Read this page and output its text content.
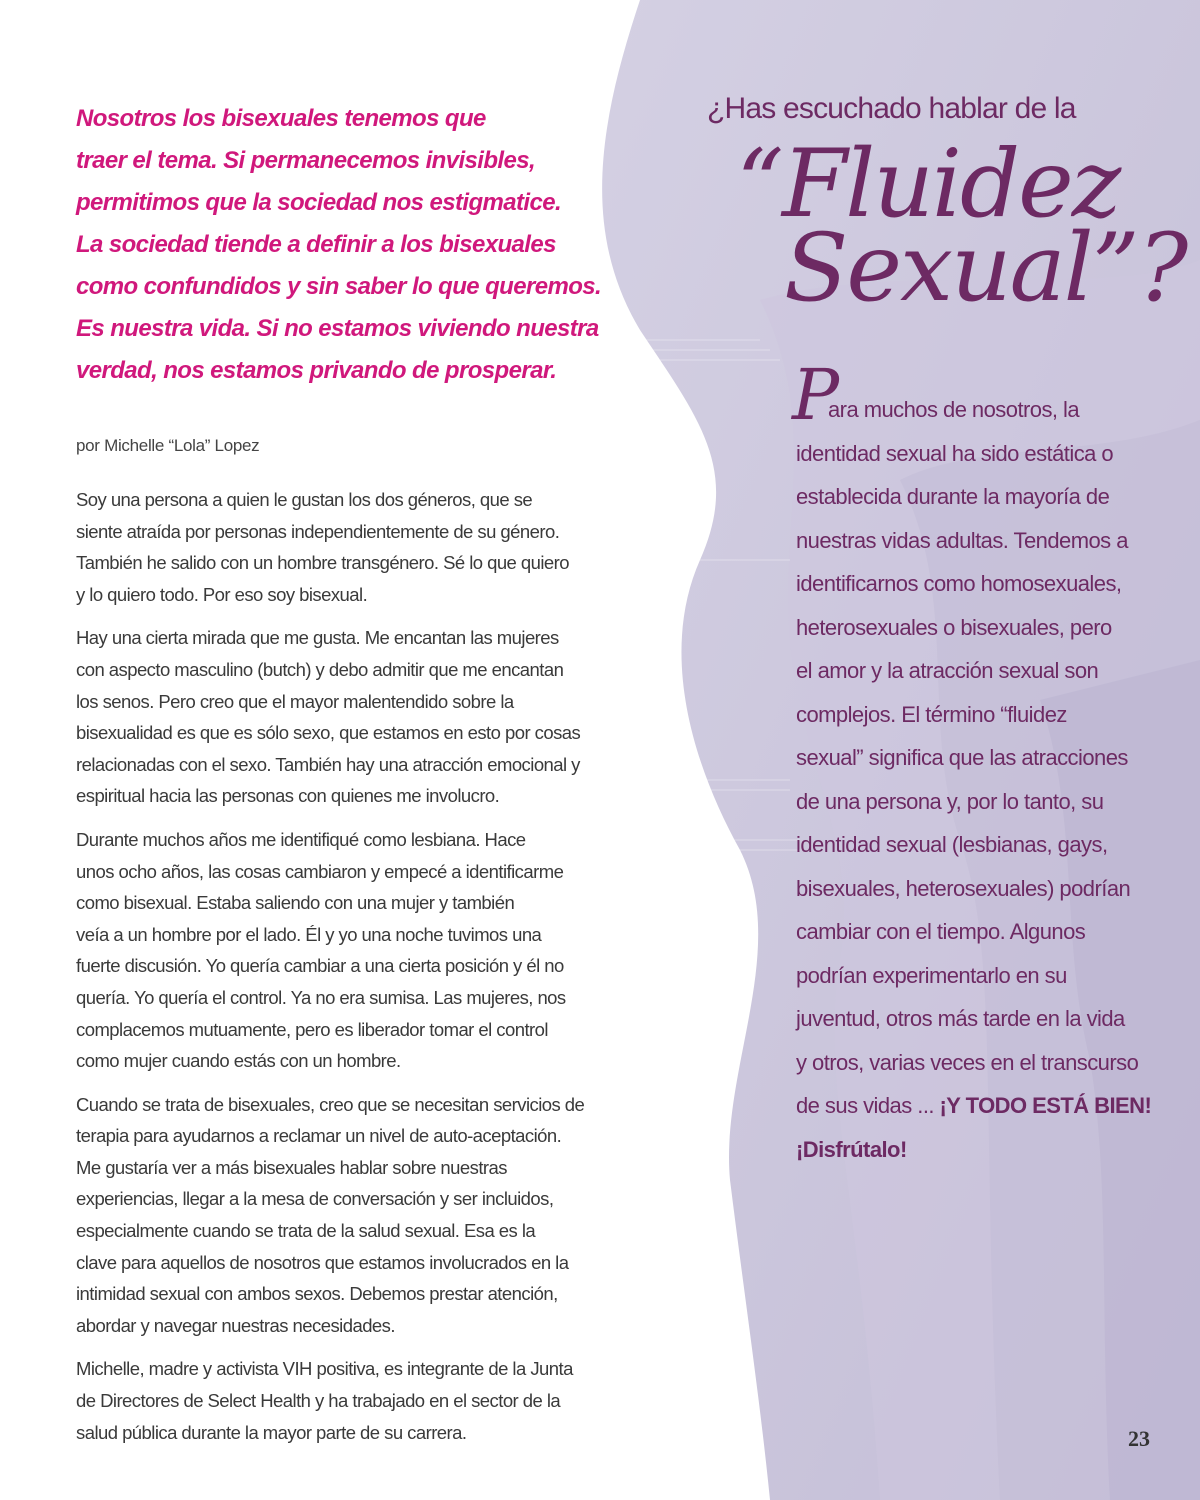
Nosotros los bisexuales tenemos que
traer el tema. Si permanecemos invisibles,
permitimos que la sociedad nos estigmatice.
La sociedad tiende a definir a los bisexuales
como confundidos y sin saber lo que queremos.
Es nuestra vida. Si no estamos viviendo nuestra
verdad, nos estamos privando de prosperar.

por Michelle “Lola” Lopez

Soy una persona a quien le gustan los dos géneros, que se
siente atraída por personas independientemente de su género.
También he salido con un hombre transgénero. Sé lo que quiero
y lo quiero todo. Por eso soy bisexual.

Hay una cierta mirada que me gusta. Me encantan las mujeres
con aspecto masculino (butch) y debo admitir que me encantan
los senos. Pero creo que el mayor malentendido sobre la
bisexualidad es que es sólo sexo, que estamos en esto por cosas
relacionadas con el sexo. También hay una atracción emocional y
espiritual hacia las personas con quienes me involucro.

Durante muchos años me identifiqué como lesbiana. Hace
unos ocho años, las cosas cambiaron y empecé a identificarme
como bisexual. Estaba saliendo con una mujer y también
veía a un hombre por el lado. Él y yo una noche tuvimos una
fuerte discusión. Yo quería cambiar a una cierta posición y él no
quería. Yo quería el control. Ya no era sumisa. Las mujeres, nos
complacemos mutuamente, pero es liberador tomar el control
como mujer cuando estás con un hombre.

Cuando se trata de bisexuales, creo que se necesitan servicios de
terapia para ayudarnos a reclamar un nivel de auto-aceptación.
Me gustaría ver a más bisexuales hablar sobre nuestras
experiencias, llegar a la mesa de conversación y ser incluidos,
especialmente cuando se trata de la salud sexual. Esa es la
clave para aquellos de nosotros que estamos involucrados en la
intimidad sexual con ambos sexos. Debemos prestar atención,
abordar y navegar nuestras necesidades.

Michelle, madre y activista VIH positiva, es integrante de la Junta
de Directores de Select Health y ha trabajado en el sector de la
salud pública durante la mayor parte de su carrera.

¿Has escuchado hablar de la

“Fluidez

Sexual”?

P
ara muchos de nosotros, la
identidad sexual ha sido estática o
establecida durante la mayoría de
nuestras vidas adultas. Tendemos a
identificarnos como homosexuales,
heterosexuales o bisexuales, pero
el amor y la atracción sexual son
complejos. El término “fluidez
sexual” significa que las atracciones
de una persona y, por lo tanto, su
identidad sexual (lesbianas, gays,
bisexuales, heterosexuales) podrían
cambiar con el tiempo. Algunos
podrían experimentarlo en su
juventud, otros más tarde en la vida
y otros, varias veces en el transcurso
de sus vidas ... ¡Y TODO ESTÁ BIEN!
¡Disfrútalo!
23
